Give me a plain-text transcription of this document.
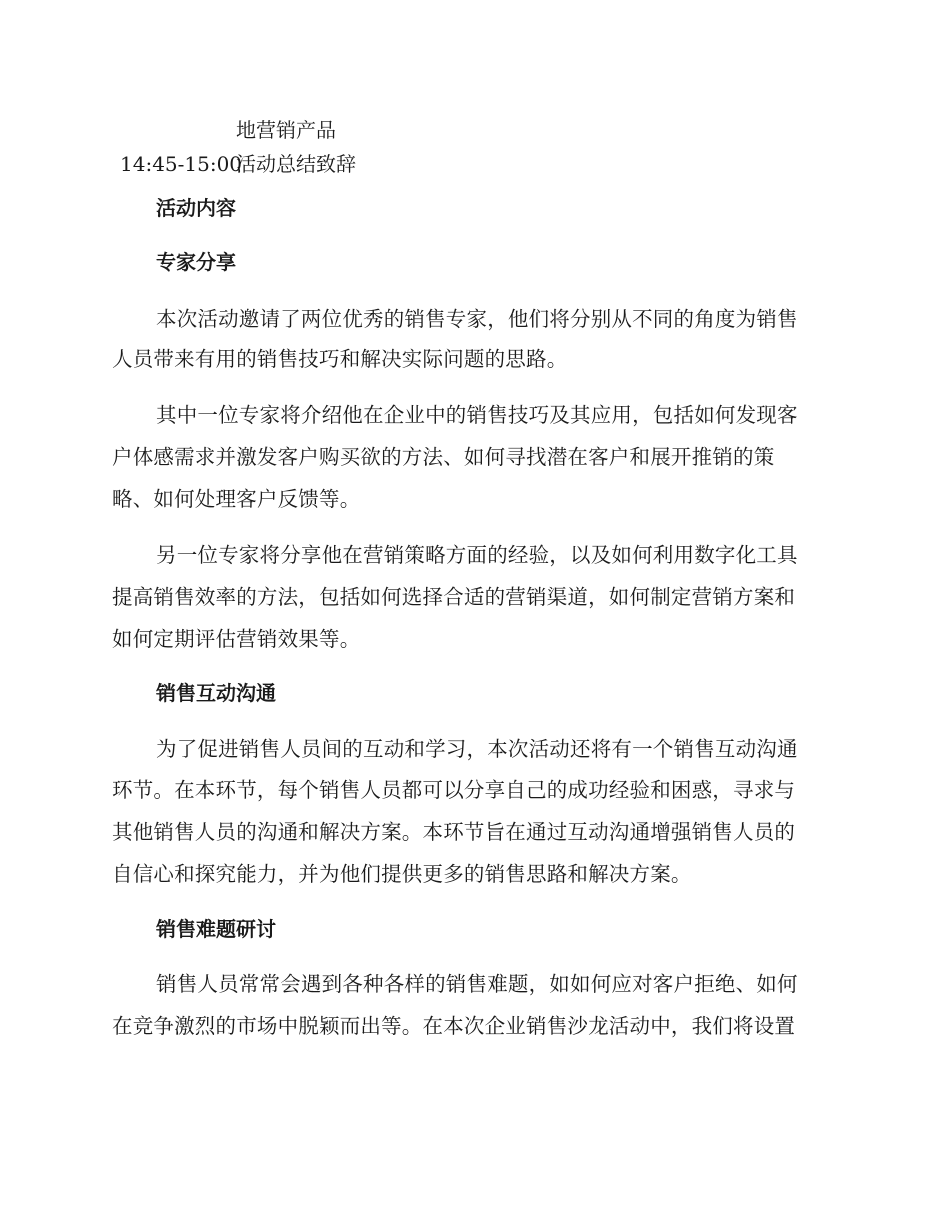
地营销产品
14:45-15:00
活动总结致辞
活动内容
专家分享
本次活动邀请了两位优秀的销售专家，他们将分别从不同的角度为销售
人员带来有用的销售技巧和解决实际问题的思路。
其中一位专家将介绍他在企业中的销售技巧及其应用，包括如何发现客
户体感需求并激发客户购买欲的方法、如何寻找潜在客户和展开推销的策
略、如何处理客户反馈等。
另一位专家将分享他在营销策略方面的经验，以及如何利用数字化工具
提高销售效率的方法，包括如何选择合适的营销渠道，如何制定营销方案和
如何定期评估营销效果等。
销售互动沟通
为了促进销售人员间的互动和学习，本次活动还将有一个销售互动沟通
环节。在本环节，每个销售人员都可以分享自己的成功经验和困惑，寻求与
其他销售人员的沟通和解决方案。本环节旨在通过互动沟通增强销售人员的
自信心和探究能力，并为他们提供更多的销售思路和解决方案。
销售难题研讨
销售人员常常会遇到各种各样的销售难题，如如何应对客户拒绝、如何
在竞争激烈的市场中脱颖而出等。在本次企业销售沙龙活动中，我们将设置
